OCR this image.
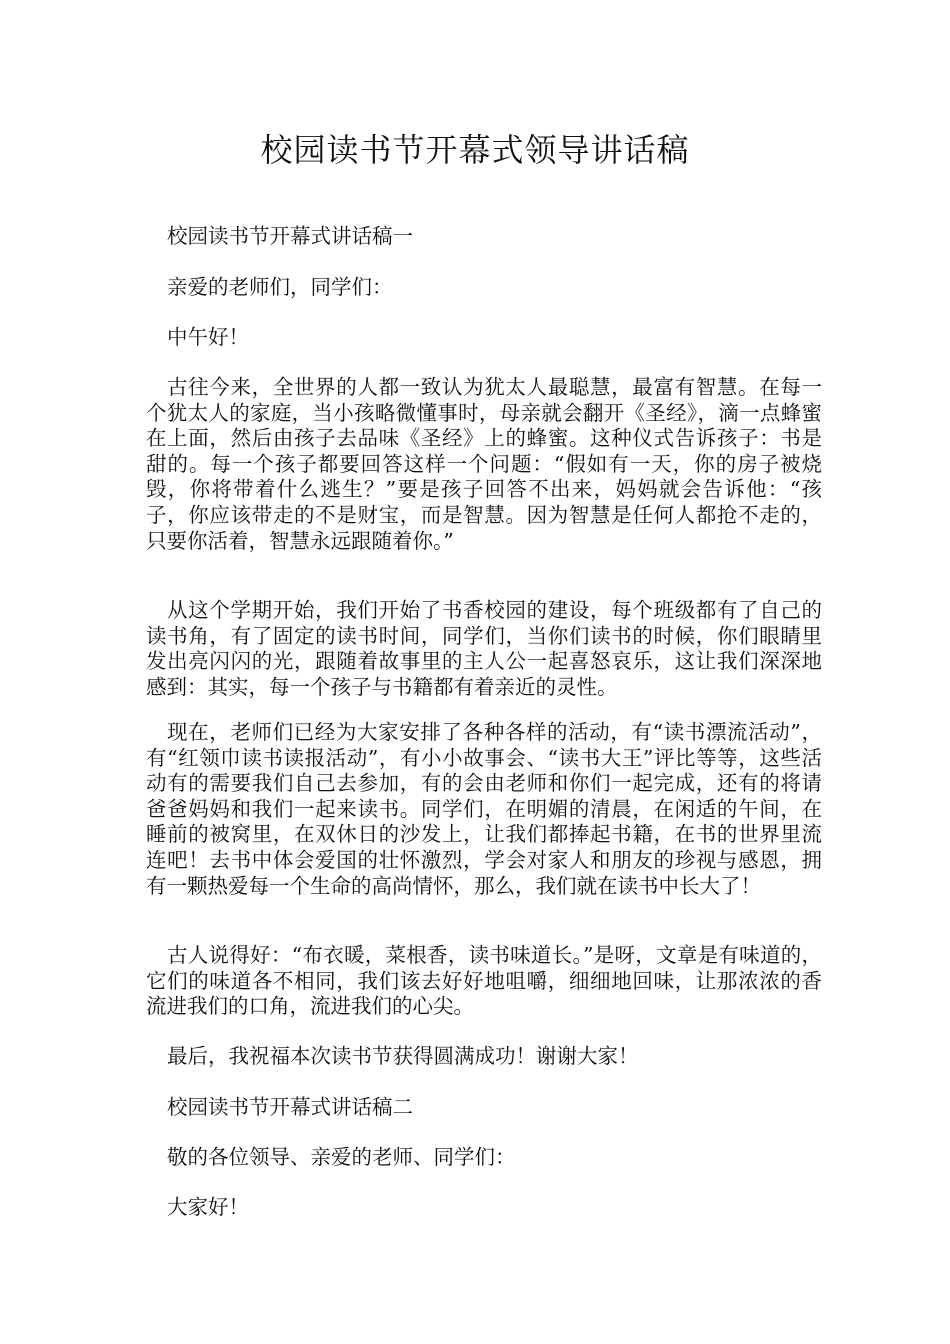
校园读书节开幕式领导讲话稿

校园读书节开幕式讲话稿一

亲爱的老师们，同学们：

中午好！

古往今来，全世界的人都一致认为犹太人最聪慧，最富有智慧。在每一个犹太人的家庭，当小孩略微懂事时，母亲就会翻开《圣经》，滴一点蜂蜜在上面，然后由孩子去品味《圣经》上的蜂蜜。这种仪式告诉孩子：书是甜的。每一个孩子都要回答这样一个问题：“假如有一天，你的房子被烧毁，你将带着什么逃生？”要是孩子回答不出来，妈妈就会告诉他：“孩子，你应该带走的不是财宝，而是智慧。因为智慧是任何人都抢不走的，只要你活着，智慧永远跟随着你。”

从这个学期开始，我们开始了书香校园的建设，每个班级都有了自己的读书角，有了固定的读书时间，同学们，当你们读书的时候，你们眼睛里发出亮闪闪的光，跟随着故事里的主人公一起喜怒哀乐，这让我们深深地感到：其实，每一个孩子与书籍都有着亲近的灵性。

现在，老师们已经为大家安排了各种各样的活动，有“读书漂流活动”，有“红领巾读书读报活动”，有小小故事会、“读书大王”评比等等，这些活动有的需要我们自己去参加，有的会由老师和你们一起完成，还有的将请爸爸妈妈和我们一起来读书。同学们，在明媚的清晨，在闲适的午间，在睡前的被窝里，在双休日的沙发上，让我们都捧起书籍，在书的世界里流连吧！去书中体会爱国的壮怀激烈，学会对家人和朋友的珍视与感恩，拥有一颗热爱每一个生命的高尚情怀，那么，我们就在读书中长大了！

古人说得好：“布衣暖，菜根香，读书味道长。”是呀，文章是有味道的，它们的味道各不相同，我们该去好好地咀嚼，细细地回味，让那浓浓的香流进我们的口角，流进我们的心尖。

最后，我祝福本次读书节获得圆满成功！谢谢大家！

校园读书节开幕式讲话稿二

敬的各位领导、亲爱的老师、同学们：

大家好！
